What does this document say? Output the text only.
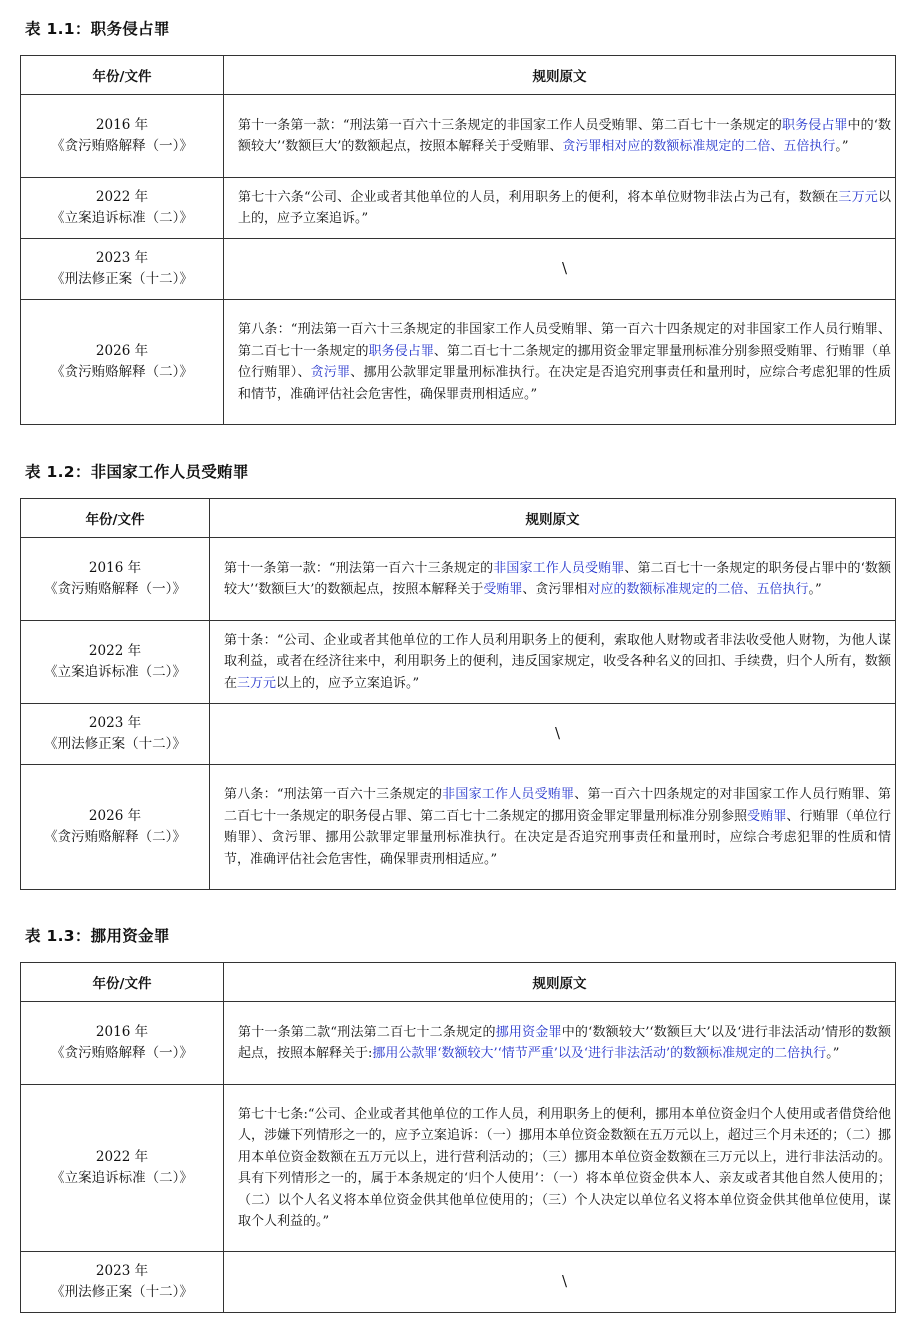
表 1.1：职务侵占罪
年份/文件	规则原文

2016 年
《贪污贿赂解释（一）》	第十一条第一款：“刑法第一百六十三条规定的非国家工作人员受贿罪、第二百七十一条规定的职务侵占罪中的‘数额较大’‘数额巨大’的数额起点，按照本解释关于受贿罪、贪污罪相对应的数额标准规定的二倍、五倍执行。”

2022 年
《立案追诉标准（二）》	第七十六条“公司、企业或者其他单位的人员，利用职务上的便利，将本单位财物非法占为己有，数额在三万元以上的，应予立案追诉。”

2023 年
《刑法修正案（十二）》	\

2026 年
《贪污贿赂解释（二）》	第八条：“刑法第一百六十三条规定的非国家工作人员受贿罪、第一百六十四条规定的对非国家工作人员行贿罪、第二百七十一条规定的职务侵占罪、第二百七十二条规定的挪用资金罪定罪量刑标准分别参照受贿罪、行贿罪（单位行贿罪）、贪污罪、挪用公款罪定罪量刑标准执行。在决定是否追究刑事责任和量刑时，应综合考虑犯罪的性质和情节，准确评估社会危害性，确保罪责刑相适应。”
表 1.2：非国家工作人员受贿罪
年份/文件	规则原文

2016 年
《贪污贿赂解释（一）》	第十一条第一款：“刑法第一百六十三条规定的非国家工作人员受贿罪、第二百七十一条规定的职务侵占罪中的‘数额较大’‘数额巨大’的数额起点，按照本解释关于受贿罪、贪污罪相对应的数额标准规定的二倍、五倍执行。”

2022 年
《立案追诉标准（二）》	第十条：“公司、企业或者其他单位的工作人员利用职务上的便利，索取他人财物或者非法收受他人财物，为他人谋取利益，或者在经济往来中，利用职务上的便利，违反国家规定，收受各种名义的回扣、手续费，归个人所有，数额在三万元以上的，应予立案追诉。”

2023 年
《刑法修正案（十二）》	\

2026 年
《贪污贿赂解释（二）》	第八条：“刑法第一百六十三条规定的非国家工作人员受贿罪、第一百六十四条规定的对非国家工作人员行贿罪、第二百七十一条规定的职务侵占罪、第二百七十二条规定的挪用资金罪定罪量刑标准分别参照受贿罪、行贿罪（单位行贿罪）、贪污罪、挪用公款罪定罪量刑标准执行。在决定是否追究刑事责任和量刑时，应综合考虑犯罪的性质和情节，准确评估社会危害性，确保罪责刑相适应。”
表 1.3：挪用资金罪
年份/文件	规则原文

2016 年
《贪污贿赂解释（一）》	第十一条第二款“刑法第二百七十二条规定的挪用资金罪中的‘数额较大’‘数额巨大’以及‘进行非法活动’情形的数额起点，按照本解释关于:挪用公款罪‘数额较大’‘情节严重’以及‘进行非法活动’的数额标准规定的二倍执行。”

2022 年
《立案追诉标准（二）》	第七十七条:“公司、企业或者其他单位的工作人员，利用职务上的便利，挪用本单位资金归个人使用或者借贷给他人，涉嫌下列情形之一的，应予立案追诉：（一）挪用本单位资金数额在五万元以上，超过三个月未还的；（二）挪用本单位资金数额在五万元以上，进行营利活动的；（三）挪用本单位资金数额在三万元以上，进行非法活动的。具有下列情形之一的，属于本条规定的‘归个人使用’：（一）将本单位资金供本人、亲友或者其他自然人使用的；（二）以个人名义将本单位资金供其他单位使用的；（三）个人决定以单位名义将本单位资金供其他单位使用，谋取个人利益的。”

2023 年
《刑法修正案（十二）》	\
